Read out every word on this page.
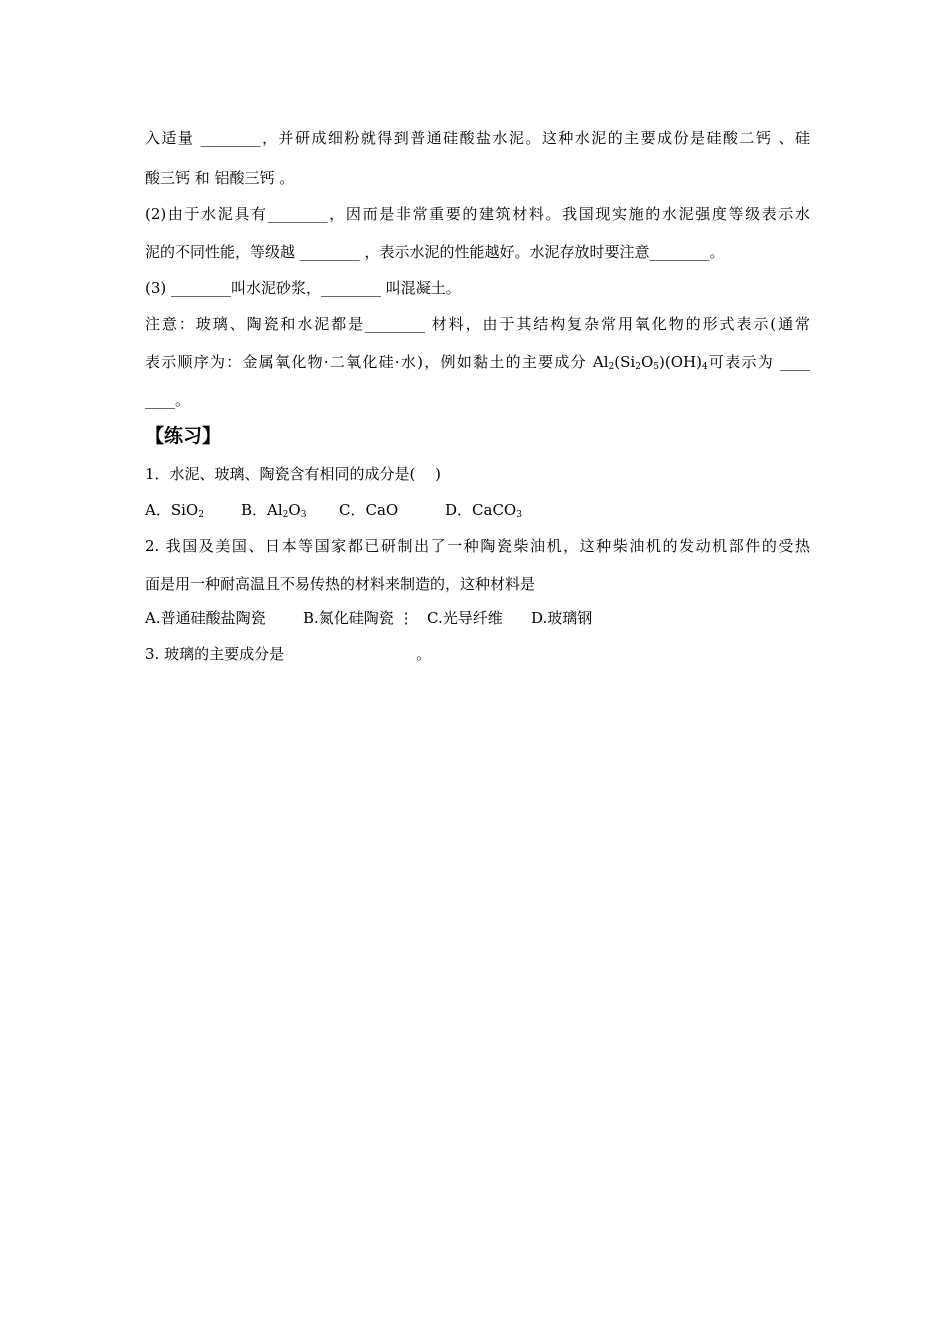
入适量 ________，并研成细粉就得到普通硅酸盐水泥。这种水泥的主要成份是硅酸二钙 、硅
酸三钙 和 铝酸三钙 。
(2)由于水泥具有________，因而是非常重要的建筑材料。我国现实施的水泥强度等级表示水
泥的不同性能，等级越 ________ ，表示水泥的性能越好。水泥存放时要注意________。
(3) ________叫水泥砂浆，________ 叫混凝土。
注意：玻璃、陶瓷和水泥都是________ 材料，由于其结构复杂常用氧化物的形式表示(通常
表示顺序为：金属氧化物·二氧化硅·水)，例如黏土的主要成分 $Al_2(Si_2O_5)(OH)_4$可表示为 ____
____。
【练习】
1．水泥、玻璃、陶瓷含有相同的成分是(　 )
A．SiO$_2$ B．$Al_2O_3$ C．CaO	D．CaCO$_3$
2. 我国及美国、日本等国家都已研制出了一种陶瓷柴油机，这种柴油机的发动机部件的受热
面是用一种耐高温且不易传热的材料来制造的，这种材料是
A.普通硅酸盐陶瓷 B.氮化硅陶瓷 ⋮ C.光导纤维 D.玻璃钢
3. 玻璃的主要成分是	。
